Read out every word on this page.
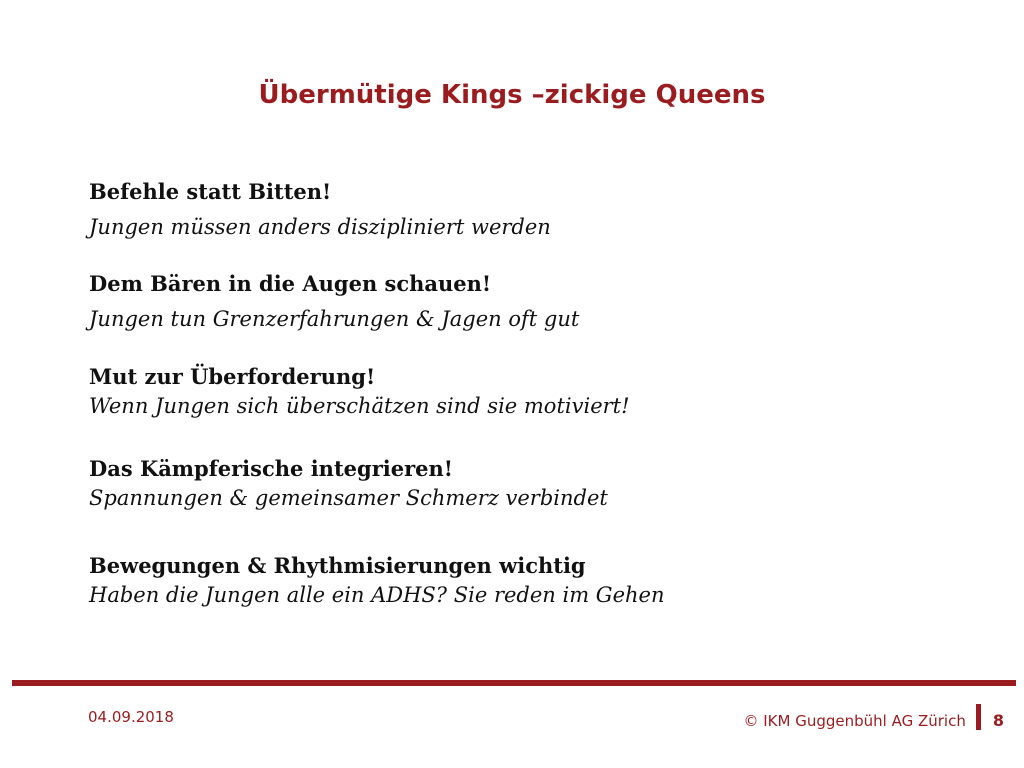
Übermütige Kings –zickige Queens
Befehle statt Bitten!
Jungen müssen anders diszipliniert werden
Dem Bären in die Augen schauen!
Jungen tun Grenzerfahrungen & Jagen oft gut
Mut zur Überforderung!
Wenn Jungen sich überschätzen sind sie motiviert!
Das Kämpferische integrieren!
Spannungen & gemeinsamer Schmerz verbindet
Bewegungen & Rhythmisierungen wichtig
Haben die Jungen alle ein ADHS? Sie reden im Gehen
04.09.2018	© IKM Guggenbühl AG Zürich 8
